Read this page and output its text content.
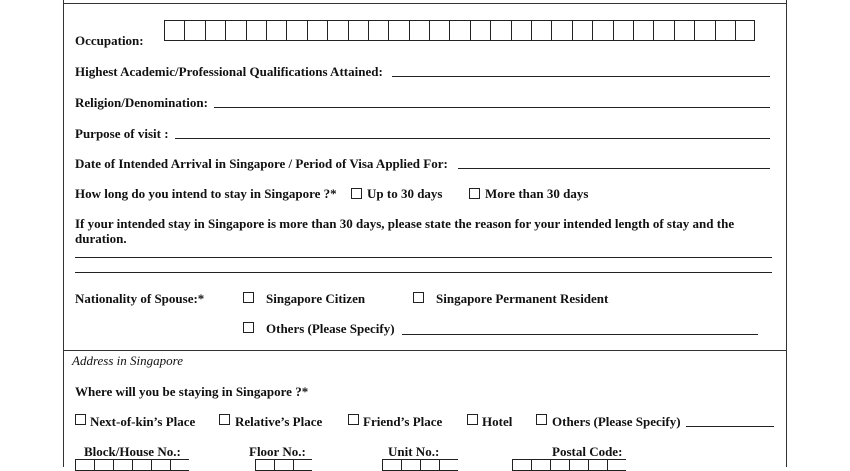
Occupation:
Highest Academic/Professional Qualifications Attained:
Religion/Denomination:
Purpose of visit :
Date of Intended Arrival in Singapore / Period of Visa Applied For:
How long do you intend to stay in Singapore ?* Up to 30 days	More than 30 days
If your intended stay in Singapore is more than 30 days, please state the reason for your intended length of stay and the
duration.
Nationality of Spouse:*	Singapore Citizen	Singapore Permanent Resident
Others (Please Specify)
Address in Singapore
Where will you be staying in Singapore ?*
Next-of-kin’s Place	Relative’s Place	Friend’s Place	Hotel	Others (Please Specify)
Block/House No.:	Floor No.:	Unit No.:	Postal Code:
